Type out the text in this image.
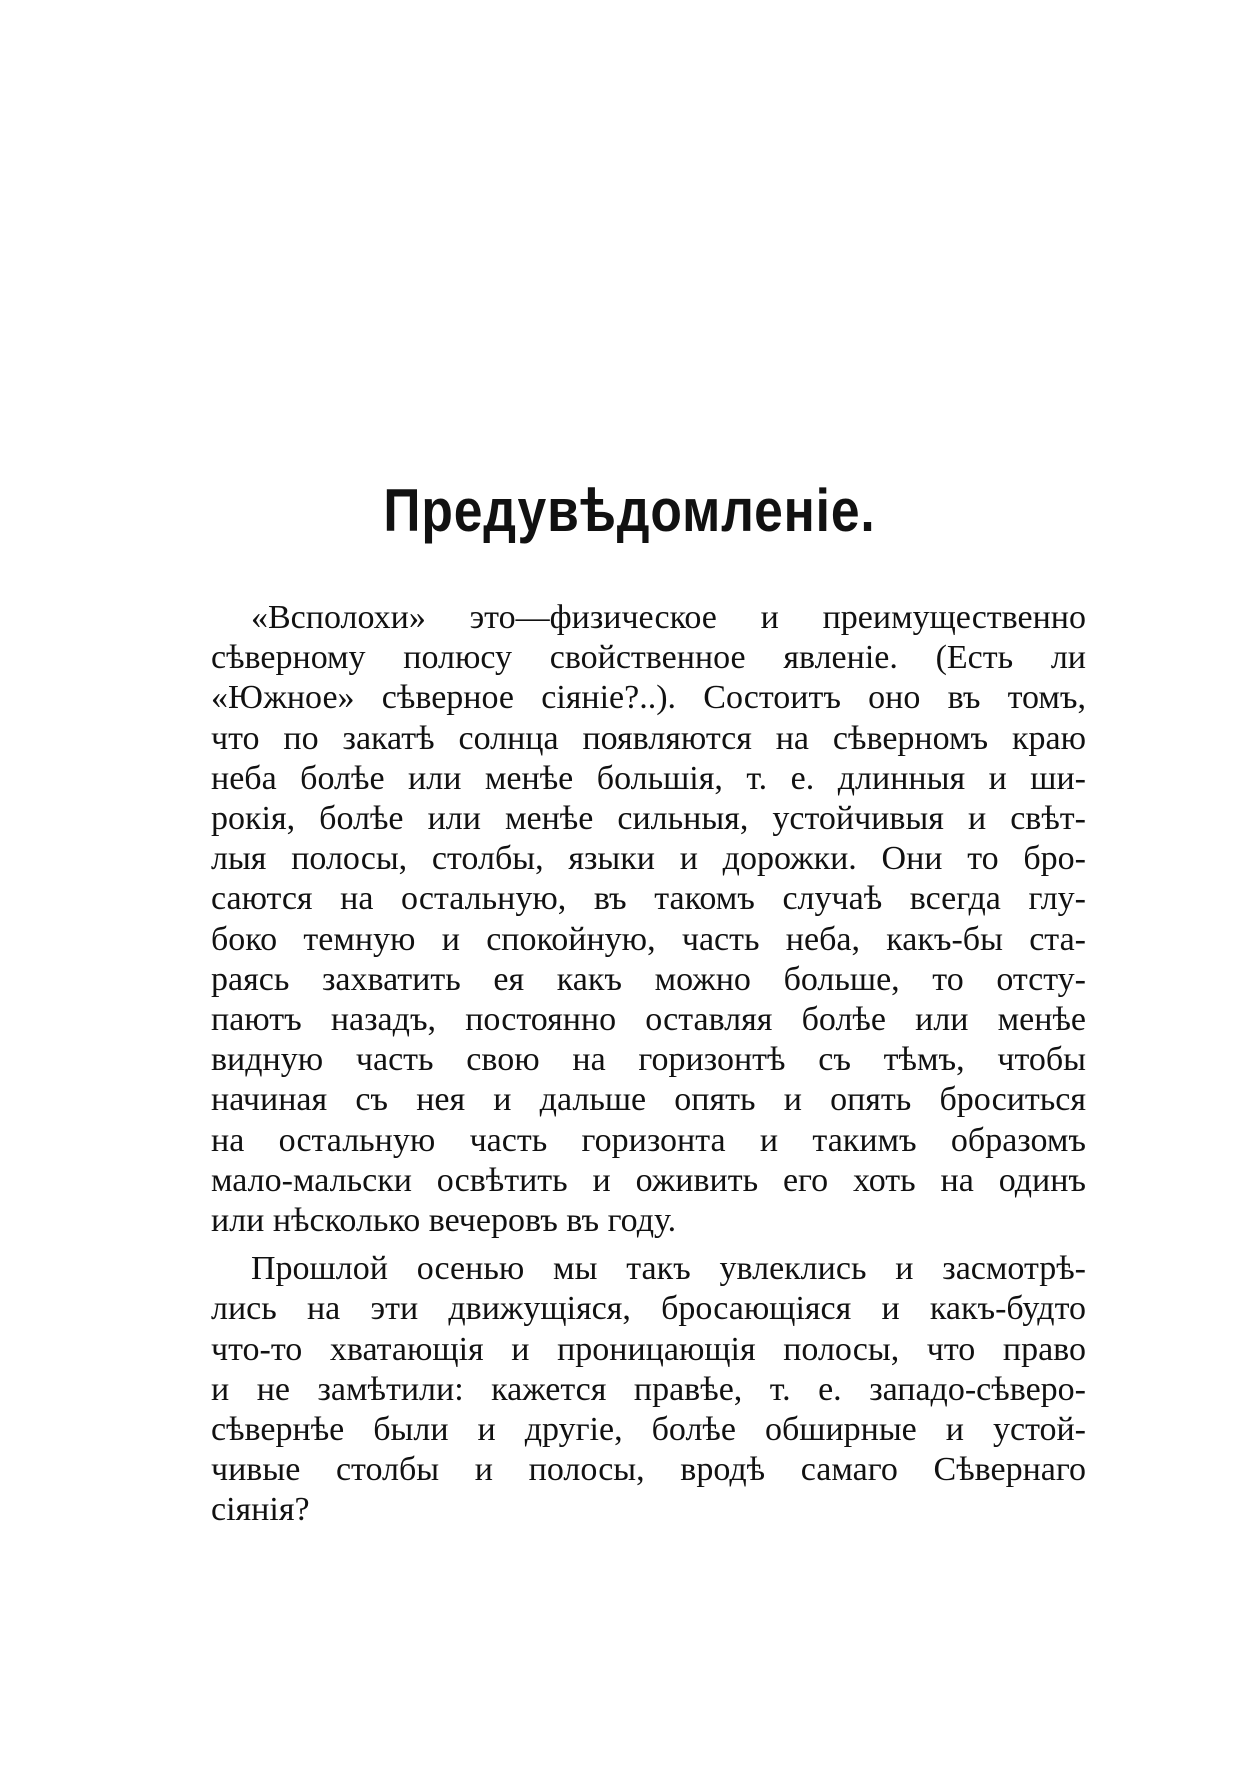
Предувѣдомленіе.

«Всполохи» это—физическое и преимущественно
сѣверному полюсу свойственное явленіе. (Есть ли
«Южное» сѣверное сіяніе?..). Состоитъ оно въ томъ,
что по закатѣ солнца появляются на сѣверномъ краю
неба болѣе или менѣе большія, т. е. длинныя и ши-
рокія, болѣе или менѣе сильныя, устойчивыя и свѣт-
лыя полосы, столбы, языки и дорожки. Они то бро-
саются на остальную, въ такомъ случаѣ всегда глу-
боко темную и спокойную, часть неба, какъ-бы ста-
раясь захватить ея какъ можно больше, то отсту-
паютъ назадъ, постоянно оставляя болѣе или менѣе
видную часть свою на горизонтѣ съ тѣмъ, чтобы
начиная съ нея и дальше опять и опять броситься
на остальную часть горизонта и такимъ образомъ
мало-мальски освѣтить и оживить его хоть на одинъ
или нѣсколько вечеровъ въ году.

Прошлой осенью мы такъ увлеклись и засмотрѣ-
лись на эти движущіяся, бросающіяся и какъ-будто
что-то хватающія и проницающія полосы, что право
и не замѣтили: кажется правѣе, т. е. западо-сѣверо-
сѣвернѣе были и другіе, болѣе обширные и устой-
чивые столбы и полосы, вродѣ самаго Сѣвернаго
сіянія?
